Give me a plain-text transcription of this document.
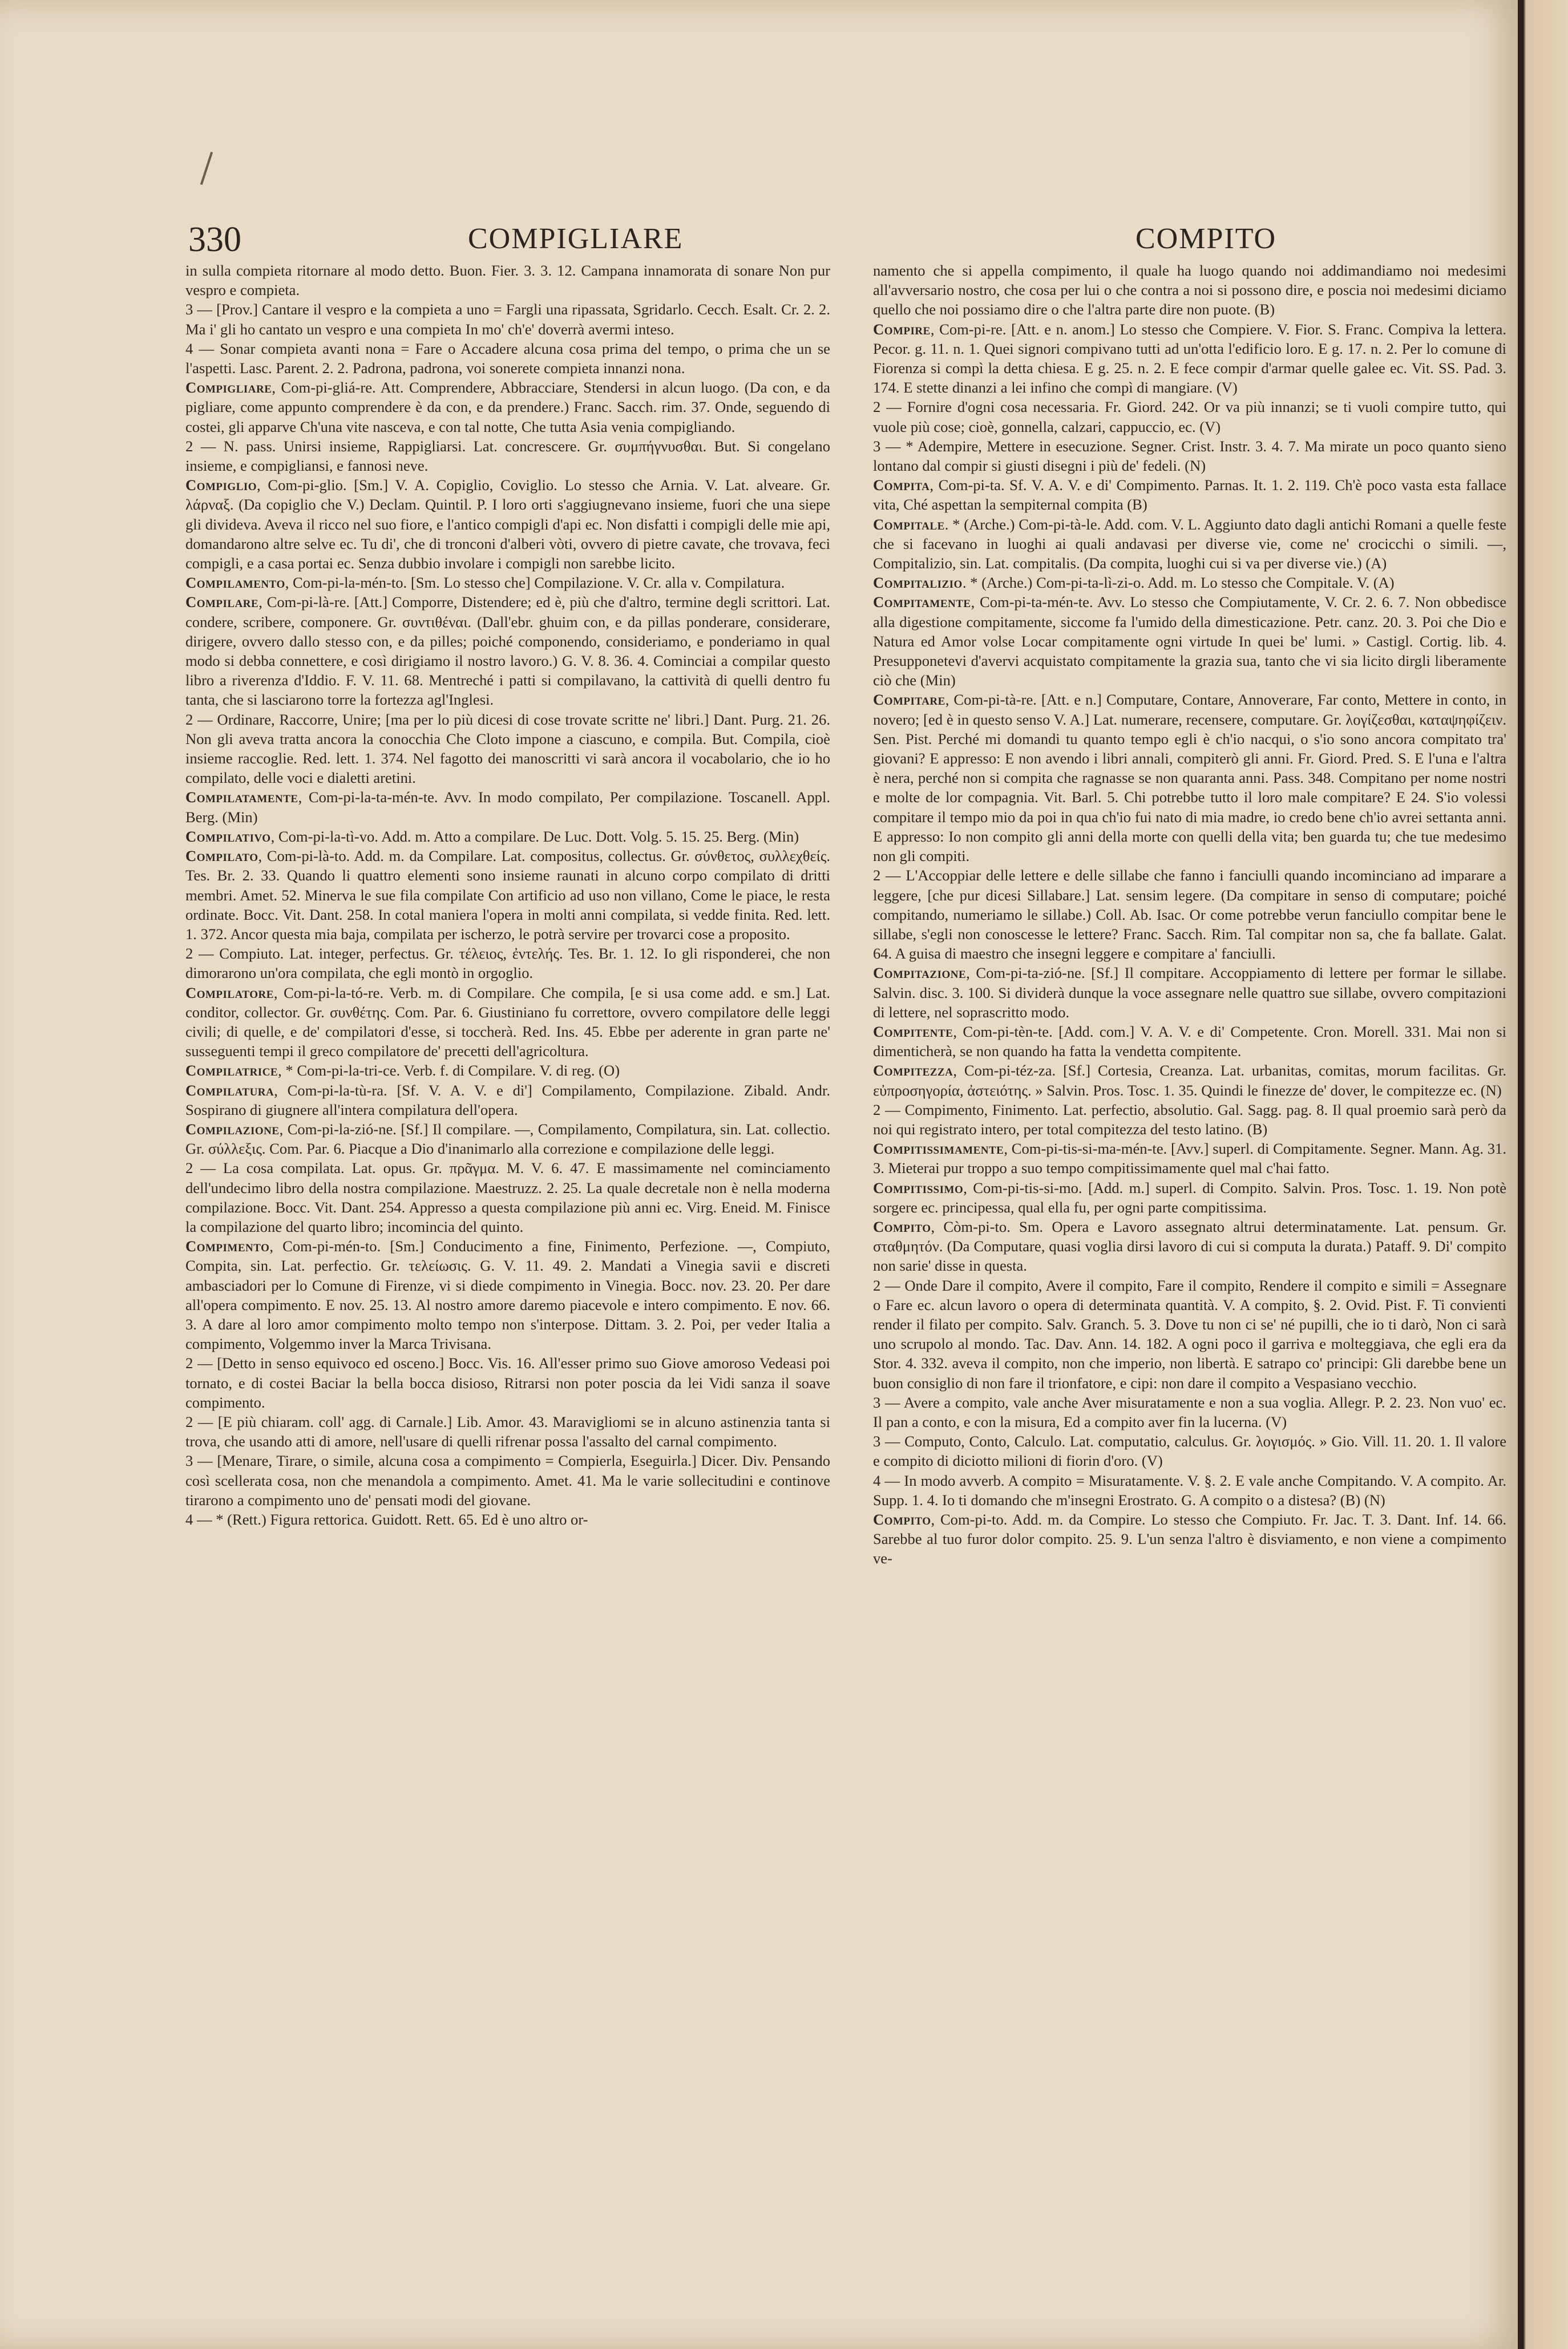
330	COMPIGLIARE	COMPITO

in sulla compieta ritornare al modo detto. Buon. Fier. 3. 3. 12. Campana innamorata di sonare Non pur vespro e compieta.

3 — [Prov.] Cantare il vespro e la compieta a uno = Fargli una ripassata, Sgridarlo. Cecch. Esalt. Cr. 2. 2. Ma i' gli ho cantato un vespro e una compieta In mo' ch'e' doverrà avermi inteso.

4 — Sonar compieta avanti nona = Fare o Accadere alcuna cosa prima del tempo, o prima che un se l'aspetti. Lasc. Parent. 2. 2. Padrona, padrona, voi sonerete compieta innanzi nona.

Compigliare, Com-pi-gliá-re. Att. Comprendere, Abbracciare, Stendersi in alcun luogo. (Da con, e da pigliare, come appunto comprendere è da con, e da prendere.) Franc. Sacch. rim. 37. Onde, seguendo di costei, gli apparve Ch'una vite nasceva, e con tal notte, Che tutta Asia venia compigliando.

2 — N. pass. Unirsi insieme, Rappigliarsi. Lat. concrescere. Gr. συμπήγνυσθαι. But. Si congelano insieme, e compigliansi, e fannosi neve.

Compiglio, Com-pi-glio. [Sm.] V. A. Copiglio, Coviglio. Lo stesso che Arnia. V. Lat. alveare. Gr. λάρναξ. (Da copiglio che V.) Declam. Quintil. P. I loro orti s'aggiugnevano insieme, fuori che una siepe gli divideva. Aveva il ricco nel suo fiore, e l'antico compigli d'api ec. Non disfatti i compigli delle mie api, domandarono altre selve ec. Tu di', che di tronconi d'alberi vòti, ovvero di pietre cavate, che trovava, feci compigli, e a casa portai ec. Senza dubbio involare i compigli non sarebbe licito.

Compilamento, Com-pi-la-mén-to. [Sm. Lo stesso che] Compilazione. V. Cr. alla v. Compilatura.

Compilare, Com-pi-là-re. [Att.] Comporre, Distendere; ed è, più che d'altro, termine degli scrittori. Lat. condere, scribere, componere. Gr. συντιθέναι. (Dall'ebr. ghuim con, e da pillas ponderare, considerare, dirigere, ovvero dallo stesso con, e da pilles; poiché componendo, consideriamo, e ponderiamo in qual modo si debba connettere, e così dirigiamo il nostro lavoro.) G. V. 8. 36. 4. Cominciai a compilar questo libro a riverenza d'Iddio. F. V. 11. 68. Mentreché i patti si compilavano, la cattività di quelli dentro fu tanta, che si lasciarono torre la fortezza agl'Inglesi.

2 — Ordinare, Raccorre, Unire; [ma per lo più dicesi di cose trovate scritte ne' libri.] Dant. Purg. 21. 26. Non gli aveva tratta ancora la conocchia Che Cloto impone a ciascuno, e compila. But. Compila, cioè insieme raccoglie. Red. lett. 1. 374. Nel fagotto dei manoscritti vi sarà ancora il vocabolario, che io ho compilato, delle voci e dialetti aretini.

Compilatamente, Com-pi-la-ta-mén-te. Avv. In modo compilato, Per compilazione. Toscanell. Appl. Berg. (Min)

Compilativo, Com-pi-la-tì-vo. Add. m. Atto a compilare. De Luc. Dott. Volg. 5. 15. 25. Berg. (Min)

Compilato, Com-pi-là-to. Add. m. da Compilare. Lat. compositus, collectus. Gr. σύνθετος, συλλεχθείς. Tes. Br. 2. 33. Quando li quattro elementi sono insieme raunati in alcuno corpo compilato di dritti membri. Amet. 52. Minerva le sue fila compilate Con artificio ad uso non villano, Come le piace, le resta ordinate. Bocc. Vit. Dant. 258. In cotal maniera l'opera in molti anni compilata, si vedde finita. Red. lett. 1. 372. Ancor questa mia baja, compilata per ischerzo, le potrà servire per trovarci cose a proposito.

2 — Compiuto. Lat. integer, perfectus. Gr. τέλειος, ἐντελής. Tes. Br. 1. 12. Io gli risponderei, che non dimorarono un'ora compilata, che egli montò in orgoglio.

Compilatore, Com-pi-la-tó-re. Verb. m. di Compilare. Che compila, [e si usa come add. e sm.] Lat. conditor, collector. Gr. συνθέτης. Com. Par. 6. Giustiniano fu correttore, ovvero compilatore delle leggi civili; di quelle, e de' compilatori d'esse, si toccherà. Red. Ins. 45. Ebbe per aderente in gran parte ne' susseguenti tempi il greco compilatore de' precetti dell'agricoltura.

Compilatrice, * Com-pi-la-tri-ce. Verb. f. di Compilare. V. di reg. (O)

Compilatura, Com-pi-la-tù-ra. [Sf. V. A. V. e di'] Compilamento, Compilazione. Zibald. Andr. Sospirano di giugnere all'intera compilatura dell'opera.

Compilazione, Com-pi-la-zió-ne. [Sf.] Il compilare. —, Compilamento, Compilatura, sin. Lat. collectio. Gr. σύλλεξις. Com. Par. 6. Piacque a Dio d'inanimarlo alla correzione e compilazione delle leggi.

2 — La cosa compilata. Lat. opus. Gr. πρᾶγμα. M. V. 6. 47. E massimamente nel cominciamento dell'undecimo libro della nostra compilazione. Maestruzz. 2. 25. La quale decretale non è nella moderna compilazione. Bocc. Vit. Dant. 254. Appresso a questa compilazione più anni ec. Virg. Eneid. M. Finisce la compilazione del quarto libro; incomincia del quinto.

Compimento, Com-pi-mén-to. [Sm.] Conducimento a fine, Finimento, Perfezione. —, Compiuto, Compita, sin. Lat. perfectio. Gr. τελείωσις. G. V. 11. 49. 2. Mandati a Vinegia savii e discreti ambasciadori per lo Comune di Firenze, vi si diede compimento in Vinegia. Bocc. nov. 23. 20. Per dare all'opera compimento. E nov. 25. 13. Al nostro amore daremo piacevole e intero compimento. E nov. 66. 3. A dare al loro amor compimento molto tempo non s'interpose. Dittam. 3. 2. Poi, per veder Italia a compimento, Volgemmo inver la Marca Trivisana.

2 — [Detto in senso equivoco ed osceno.] Bocc. Vis. 16. All'esser primo suo Giove amoroso Vedeasi poi tornato, e di costei Baciar la bella bocca disioso, Ritrarsi non poter poscia da lei Vidi sanza il soave compimento.

2 — [E più chiaram. coll' agg. di Carnale.] Lib. Amor. 43. Maravigliomi se in alcuno astinenzia tanta si trova, che usando atti di amore, nell'usare di quelli rifrenar possa l'assalto del carnal compimento.

3 — [Menare, Tirare, o simile, alcuna cosa a compimento = Compierla, Eseguirla.] Dicer. Div. Pensando così scellerata cosa, non che menandola a compimento. Amet. 41. Ma le varie sollecitudini e continove tirarono a compimento uno de' pensati modi del giovane.

4 — * (Rett.) Figura rettorica. Guidott. Rett. 65. Ed è uno altro or-

namento che si appella compimento, il quale ha luogo quando noi addimandiamo noi medesimi all'avversario nostro, che cosa per lui o che contra a noi si possono dire, e poscia noi medesimi diciamo quello che noi possiamo dire o che l'altra parte dire non puote. (B)

Compire, Com-pi-re. [Att. e n. anom.] Lo stesso che Compiere. V. Fior. S. Franc. Compiva la lettera. Pecor. g. 11. n. 1. Quei signori compivano tutti ad un'otta l'edificio loro. E g. 17. n. 2. Per lo comune di Fiorenza si compì la detta chiesa. E g. 25. n. 2. E fece compir d'armar quelle galee ec. Vit. SS. Pad. 3. 174. E stette dinanzi a lei infino che compì di mangiare. (V)

2 — Fornire d'ogni cosa necessaria. Fr. Giord. 242. Or va più innanzi; se ti vuoli compire tutto, qui vuole più cose; cioè, gonnella, calzari, cappuccio, ec. (V)

3 — * Adempire, Mettere in esecuzione. Segner. Crist. Instr. 3. 4. 7. Ma mirate un poco quanto sieno lontano dal compir si giusti disegni i più de' fedeli. (N)

Compita, Com-pi-ta. Sf. V. A. V. e di' Compimento. Parnas. It. 1. 2. 119. Ch'è poco vasta esta fallace vita, Ché aspettan la sempiternal compita (B)

Compitale. * (Arche.) Com-pi-tà-le. Add. com. V. L. Aggiunto dato dagli antichi Romani a quelle feste che si facevano in luoghi ai quali andavasi per diverse vie, come ne' crocicchi o simili. —, Compitalizio, sin. Lat. compitalis. (Da compita, luoghi cui si va per diverse vie.) (A)

Compitalizio. * (Arche.) Com-pi-ta-lì-zi-o. Add. m. Lo stesso che Compitale. V. (A)

Compitamente, Com-pi-ta-mén-te. Avv. Lo stesso che Compiutamente, V. Cr. 2. 6. 7. Non obbedisce alla digestione compitamente, siccome fa l'umido della dimesticazione. Petr. canz. 20. 3. Poi che Dio e Natura ed Amor volse Locar compitamente ogni virtude In quei be' lumi. » Castigl. Cortig. lib. 4. Presupponetevi d'avervi acquistato compitamente la grazia sua, tanto che vi sia licito dirgli liberamente ciò che (Min)

Compitare, Com-pi-tà-re. [Att. e n.] Computare, Contare, Annoverare, Far conto, Mettere in conto, in novero; [ed è in questo senso V. A.] Lat. numerare, recensere, computare. Gr. λογίζεσθαι, καταψηφίζειν. Sen. Pist. Perché mi domandi tu quanto tempo egli è ch'io nacqui, o s'io sono ancora compitato tra' giovani? E appresso: E non avendo i libri annali, compiterò gli anni. Fr. Giord. Pred. S. E l'una e l'altra è nera, perché non si compita che ragnasse se non quaranta anni. Pass. 348. Compitano per nome nostri e molte de lor compagnia. Vit. Barl. 5. Chi potrebbe tutto il loro male compitare? E 24. S'io volessi compitare il tempo mio da poi in qua ch'io fui nato di mia madre, io credo bene ch'io avrei settanta anni. E appresso: Io non compito gli anni della morte con quelli della vita; ben guarda tu; che tue medesimo non gli compiti.

2 — L'Accoppiar delle lettere e delle sillabe che fanno i fanciulli quando incominciano ad imparare a leggere, [che pur dicesi Sillabare.] Lat. sensim legere. (Da compitare in senso di computare; poiché compitando, numeriamo le sillabe.) Coll. Ab. Isac. Or come potrebbe verun fanciullo compitar bene le sillabe, s'egli non conoscesse le lettere? Franc. Sacch. Rim. Tal compitar non sa, che fa ballate. Galat. 64. A guisa di maestro che insegni leggere e compitare a' fanciulli.

Compitazione, Com-pi-ta-zió-ne. [Sf.] Il compitare. Accoppiamento di lettere per formar le sillabe. Salvin. disc. 3. 100. Si dividerà dunque la voce assegnare nelle quattro sue sillabe, ovvero compitazioni di lettere, nel soprascritto modo.

Compitente, Com-pi-tèn-te. [Add. com.] V. A. V. e di' Competente. Cron. Morell. 331. Mai non si dimenticherà, se non quando ha fatta la vendetta compitente.

Compitezza, Com-pi-téz-za. [Sf.] Cortesia, Creanza. Lat. urbanitas, comitas, morum facilitas. Gr. εὐπροσηγορία, ἀστειότης. » Salvin. Pros. Tosc. 1. 35. Quindi le finezze de' dover, le compitezze ec. (N)

2 — Compimento, Finimento. Lat. perfectio, absolutio. Gal. Sagg. pag. 8. Il qual proemio sarà però da noi qui registrato intero, per total compitezza del testo latino. (B)

Compitissimamente, Com-pi-tis-si-ma-mén-te. [Avv.] superl. di Compitamente. Segner. Mann. Ag. 31. 3. Mieterai pur troppo a suo tempo compitissimamente quel mal c'hai fatto.

Compitissimo, Com-pi-tis-si-mo. [Add. m.] superl. di Compito. Salvin. Pros. Tosc. 1. 19. Non potè sorgere ec. principessa, qual ella fu, per ogni parte compitissima.

Compito, Còm-pi-to. Sm. Opera e Lavoro assegnato altrui determinatamente. Lat. pensum. Gr. σταθμητόν. (Da Computare, quasi voglia dirsi lavoro di cui si computa la durata.) Pataff. 9. Di' compito non sarie' disse in questa.

2 — Onde Dare il compito, Avere il compito, Fare il compito, Rendere il compito e simili = Assegnare o Fare ec. alcun lavoro o opera di determinata quantità. V. A compito, §. 2. Ovid. Pist. F. Ti convienti render il filato per compito. Salv. Granch. 5. 3. Dove tu non ci se' né pupilli, che io ti darò, Non ci sarà uno scrupolo al mondo. Tac. Dav. Ann. 14. 182. A ogni poco il garriva e molteggiava, che egli era da Stor. 4. 332. aveva il compito, non che imperio, non libertà. E satrapo co' principi: Gli darebbe bene un buon consiglio di non fare il trionfatore, e cipi: non dare il compito a Vespasiano vecchio.

3 — Avere a compito, vale anche Aver misuratamente e non a sua voglia. Allegr. P. 2. 23. Non vuo' ec. Il pan a conto, e con la misura, Ed a compito aver fin la lucerna. (V)

3 — Computo, Conto, Calculo. Lat. computatio, calculus. Gr. λογισμός. » Gio. Vill. 11. 20. 1. Il valore e compito di diciotto milioni di fiorin d'oro. (V)

4 — In modo avverb. A compito = Misuratamente. V. §. 2. E vale anche Compitando. V. A compito. Ar. Supp. 1. 4. Io ti domando che m'insegni Erostrato. G. A compito o a distesa? (B) (N)

Compito, Com-pi-to. Add. m. da Compire. Lo stesso che Compiuto. Fr. Jac. T. 3. Dant. Inf. 14. 66. Sarebbe al tuo furor dolor compito. 25. 9. L'un senza l'altro è disviamento, e non viene a compimento ve-
